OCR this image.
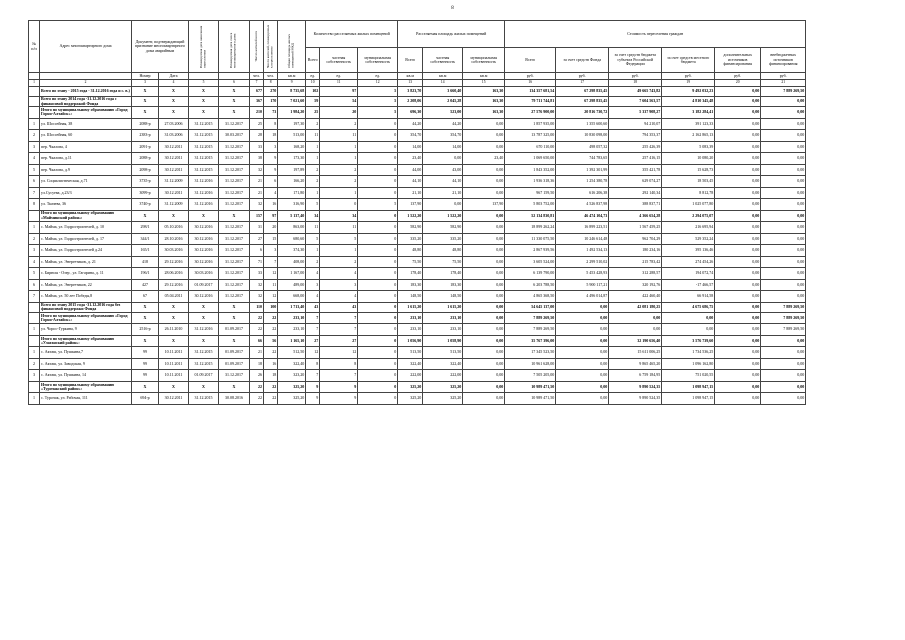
8
№ п/п	Адрес многоквартирного дома	Документ, подтверждающий признание многоквартирного дома аварийным		Планируемая дата окончания переселения	Планируемая дата сноса многоквартирного дома	Число жителей всего	Число жителей, планируемых к переселению	Общая площадь жилых помещений МКД	Количество расселяемых жилых помещений			Расселяемая площадь жилых помещений			Стоимость переселения граждан					
									Всего	частная собственность	муниципальная собственность	Всего	частная собственность	муниципальная собственность	Всего	за счет средств Фонда	за счет средств бюджета субъекта Российской Федерации	за счет средств местного бюджета	дополнительных источников финансирования	внебюджетных источников финансирования
		Номер	Дата			чел.	чел.	кв.м	ед.	ед.	ед.	кв.м	кв.м	кв.м	руб.	руб.	руб.	руб.	руб.	руб.
1	2	3	4	5	6	7	8	9	10	11	12	13	14	15	16	17	18	19	20	21
	Всего по этапу - 2015 года - 31.12.2016 года и с. в.)	X	X	X	X	677	270	8 735,68	102	97	5	3 823,70	3 660,40	163,30	134 357 681,54	67 298 835,45	49 665 743,82	9 492 032,23	0,00	7 889 269,50
	Всего по этапу 2014 года -31.12.2016 года с финансовой поддержкой Фонда	X	X	X	X	367	170	7 021,60	59	54	5	2 208,06	2 045,28	163,30	79 711 744,81	67 298 835,45	7 604 563,57	4 810 345,48	0,00	0,00
	Итого по муниципальному образованию «Город Горно-Алтайск»:	X	X	X	X	210	73	1 984,20	25	20	5	696,30	523,00	163,30	27 576 900,00	20 816 730,72	5 337 908,27	3 182 284,41	0,00	0,00
1	ул. Шоссейная, 38	2088-р	27.03.2006	31.12.2015	31.12.2017	25	8	197,30	2	2	0	44,20	44,20	0,00	1 857 935,00	1 355 600,60	94 210,07	391 123,33	0,00	0,00
2	ул. Шоссейная, 60	2383-р	31.03.2006	31.12.2015	30.03.2017	28	18	513,00	11	11	0	354,70	354,70	0,00	13 787 325,00	10 830 098,00	794 353,37	2 162 865,13	0,00	0,00
3	пер. Чкалова, 4	2091-р	30.12.2011	31.12.2015	31.12.2017	33	3	168,20	1	1	0	14,00	14,00	0,00	670 110,00	498 057,32	255 426,39	5 083,39	0,00	0,00
4	пер. Чкалова, д.11	2088-р	30.12.2011	31.12.2015	31.12.2017	38	9	173,30	1	1	0	23,40	0,00	23,40	1 069 650,00	744 783,65	257 416,15	10 080,20	0,00	0,00
5	пер. Чкалова, д.9	2098-р	30.12.2011	31.12.2015	31.12.2017	32	9	197,89	2	2	0	44,00	43,00	0,00	1 843 352,00	1 392 301,99	355 421,78	15 628,73	0,00	0,00
6	ул. Социалистическая, д.71	3735-р	31.12.2009	31.12.2016	31.12.2017	21	6	166,20	2	2	0	44,10	44,10	0,00	1 936 318,36	1 254 380,78	629 074,27	18 503,45	0,00	0,00
7	ул.Сусуева, д.23/3	3099-р	30.12.2011	31.12.2016	31.12.2017	21	4	171,80	1	1	0	21,10	21,10	0,00	967 159,50	616 206,38	292 140,34	8 812,78	0,00	0,00
8	ул. Ткачева, 36	3740-р	31.12.2009	31.12.2016	31.12.2017	32	16	316,90	5	0	5	137,90	0,00	137,90	5 803 752,00	4 526 837,98	388 837,71	1 025 077,80	0,00	0,00
	Итого по муниципальному образованию «Майминский район»:	X	X	X	X	157	97	5 137,40	34	34	0	1 522,20	1 522,20	0,00	52 134 830,81	46 474 104,73	4 366 654,28	2 294 075,07	0,00	0,00
1	с. Майма, ул. Гидростроителей, д. 10	298/1	05.10.2016	30.12.2016	31.12.2017	31	20	863,00	11	11	0	582,90	582,90	0,00	18 899 262,24	16 899 223,51	1 567 459,25	216 695,94	0,00	0,00
2	с. Майма, ул. Гидростроителей, д. 17	344/1	28.10.2016	30.12.2016	31.12.2017	27	15	680,60	5	5	0	335,20	335,20	0,00	11 330 075,50	10 246 614,48	962 704,29	529 352,24	0,00	0,00
3	с. Майма, ул. Гидростроителей д.24	165/1	30.03.2016	30.12.2016	31.12.2017	6	3	374,30	1	1	0	48,80	48,80	0,00	2 867 939,56	1 492 534,13	180 234,16	395 136,46	0,00	0,00
4	с. Майма, ул. Энергетиков, д. 21	418	29.12.2016	30.12.2016	31.12.2017	71	7	408,00	2	2	0	75,50	75,50	0,00	3 605 524,00	2 299 510,02	215 783,42	274 454,26	0,00	0,00
5	с. Бирюля - Озер , ул. Гагарина, д. 11	196/1	28.06.2016	30.03.2016	31.12.2017	33	12	1 167,00	4	4	0	178,40	178,40	0,00	6 139 790,00	5 453 428,93	312 288,57	194 072,74	0,00	0,00
6	с. Майма, ул. Энергетиков, 22	427	29.12.2016	01.09.2017	31.12.2017	32	11	489,00	3	3	0	183,30	183,30	0,00	6 203 788,50	5 900 117,21	320 192,76	-17 466,57	0,00	0,00
7	с. Майма, ул. 50 лет Победы,8	67	05.04.2011	30.12.2016	31.12.2017	32	12	668,00	4	4	0	148,50	148,50	0,00	4 865 368,50	4 496 014,87	422 460,40	66 914,58	0,00	0,00
	Всего по этапу 2015 года -31.12.2016 года без финансовой поддержки Фонда	X	X	X	X	110	100	1 713,40	43	43	0	1 615,20	1 615,20	0,00	54 645 137,00	0,00	42 081 180,25	4 675 686,75	0,00	7 889 269,50
	Итого по муниципальному образованию «Город Горно-Алтайск»:	X	X	X	X	22	22	233,10	7	7	0	233,10	233,10	0,00	7 889 269,50	0,00	0,00	0,00	0,00	7 889 269,50
1	ул. Чорос-Гуркина, 9	2516-р	26.11.2010	31.12.2016	01.09.2017	22	22	233,10	7	7	0	233,10	233,10	0,00	7 889 269,50	0,00	0,00	0,00	0,00	7 889 269,50
	Итого по муниципальному образованию «Улаганский район»:	X	X	X	X	66	56	1 165,10	27	27	0	1 056,90	1 058,90	0,00	35 767 396,00	0,00	32 190 656,40	3 576 739,60	0,00	0,00
1	с. Акташ, ул. Пушкина,7	99	10.11.2011	31.12.2015	01.09.2017	21	22	512,50	12	12	0	513,50	513,50	0,00	17 345 523,50	0,00	15 611 006,25	1 734 536,25	0,00	0,00
2	с. Акташ, ул. Заводская, 9	99	10.11.2011	31.12.2015	01.09.2017	18	16	322,40	8	8	0	322,40	322,40	0,00	10 961 628,00	0,00	9 865 465,20	1 096 162,80	0,00	0,00
3	с. Акташ, ул. Пушкина, 14	99	10.11.2011	01.09.2017	31.12.2017	26	18	323,20	7	7	0	222,00	222,00	0,00	7 505 205,00	0,00	6 759 184,95	751 020,55	0,00	0,00
	Итого по муниципальному образованию «Турочакский район»:	X	X	X	X	22	22	325,20	9	9	0	325,20	325,20	0,00	10 989 471,50	0,00	9 890 524,35	1 098 947,15	0,00	0,00
1	с. Турочак, ул. Рабочая, 111	694-р	30.12.2011	31.12.2015	30.08.2016	22	22	325,20	9	9	0	325,20	325,20	0,00	10 989 471,50	0,00	9 890 524,35	1 098 947,15	0,00	0,00
